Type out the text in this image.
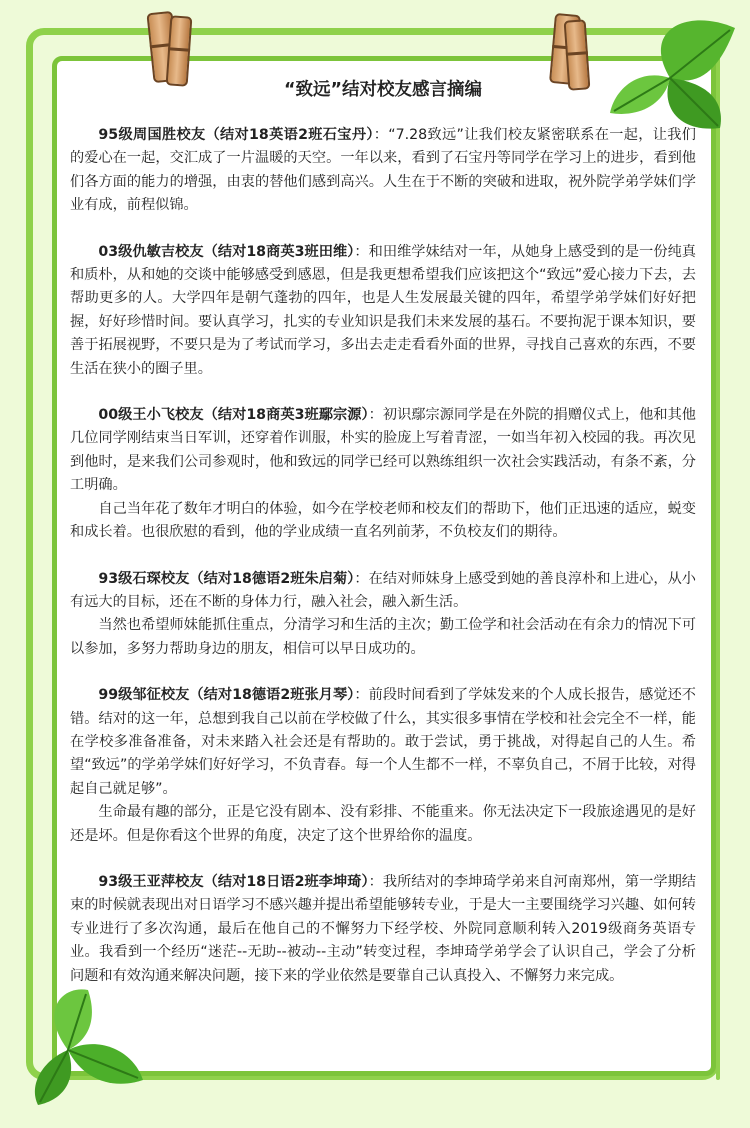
“致远”结对校友感言摘编

95级周国胜校友（结对18英语2班石宝丹）：“7.28致远”让我们校友紧密联系在一起，让我们的爱心在一起，交汇成了一片温暖的天空。一年以来，看到了石宝丹等同学在学习上的进步，看到他们各方面的能力的增强，由衷的替他们感到高兴。人生在于不断的突破和进取，祝外院学弟学妹们学业有成，前程似锦。

03级仇敏吉校友（结对18商英3班田维）：和田维学妹结对一年，从她身上感受到的是一份纯真和质朴，从和她的交谈中能够感受到感恩，但是我更想希望我们应该把这个“致远”爱心接力下去，去帮助更多的人。大学四年是朝气蓬勃的四年，也是人生发展最关键的四年，希望学弟学妹们好好把握，好好珍惜时间。要认真学习，扎实的专业知识是我们未来发展的基石。不要拘泥于课本知识，要善于拓展视野，不要只是为了考试而学习，多出去走走看看外面的世界，寻找自己喜欢的东西，不要生活在狭小的圈子里。

00级王小飞校友（结对18商英3班鄢宗源）：初识鄢宗源同学是在外院的捐赠仪式上，他和其他几位同学刚结束当日军训，还穿着作训服，朴实的脸庞上写着青涩，一如当年初入校园的我。再次见到他时，是来我们公司参观时，他和致远的同学已经可以熟练组织一次社会实践活动，有条不紊，分工明确。

自己当年花了数年才明白的体验，如今在学校老师和校友们的帮助下，他们正迅速的适应，蜕变和成长着。也很欣慰的看到，他的学业成绩一直名列前茅，不负校友们的期待。

93级石琛校友（结对18德语2班朱启菊）：在结对师妹身上感受到她的善良淳朴和上进心，从小有远大的目标，还在不断的身体力行，融入社会，融入新生活。

当然也希望师妹能抓住重点，分清学习和生活的主次；勤工俭学和社会活动在有余力的情况下可以参加，多努力帮助身边的朋友，相信可以早日成功的。

99级邹征校友（结对18德语2班张月琴）：前段时间看到了学妹发来的个人成长报告，感觉还不错。结对的这一年，总想到我自己以前在学校做了什么，其实很多事情在学校和社会完全不一样，能在学校多准备准备，对未来踏入社会还是有帮助的。敢于尝试，勇于挑战，对得起自己的人生。希望“致远”的学弟学妹们好好学习，不负青春。每一个人生都不一样，不辜负自己，不屑于比较，对得起自己就足够”。

生命最有趣的部分，正是它没有剧本、没有彩排、不能重来。你无法决定下一段旅途遇见的是好还是坏。但是你看这个世界的角度，决定了这个世界给你的温度。

93级王亚萍校友（结对18日语2班李坤琦）：我所结对的李坤琦学弟来自河南郑州，第一学期结束的时候就表现出对日语学习不感兴趣并提出希望能够转专业，于是大一主要围绕学习兴趣、如何转专业进行了多次沟通，最后在他自己的不懈努力下经学校、外院同意顺利转入2019级商务英语专业。我看到一个经历“迷茫--无助--被动--主动”转变过程，李坤琦学弟学会了认识自己，学会了分析问题和有效沟通来解决问题，接下来的学业依然是要靠自己认真投入、不懈努力来完成。
